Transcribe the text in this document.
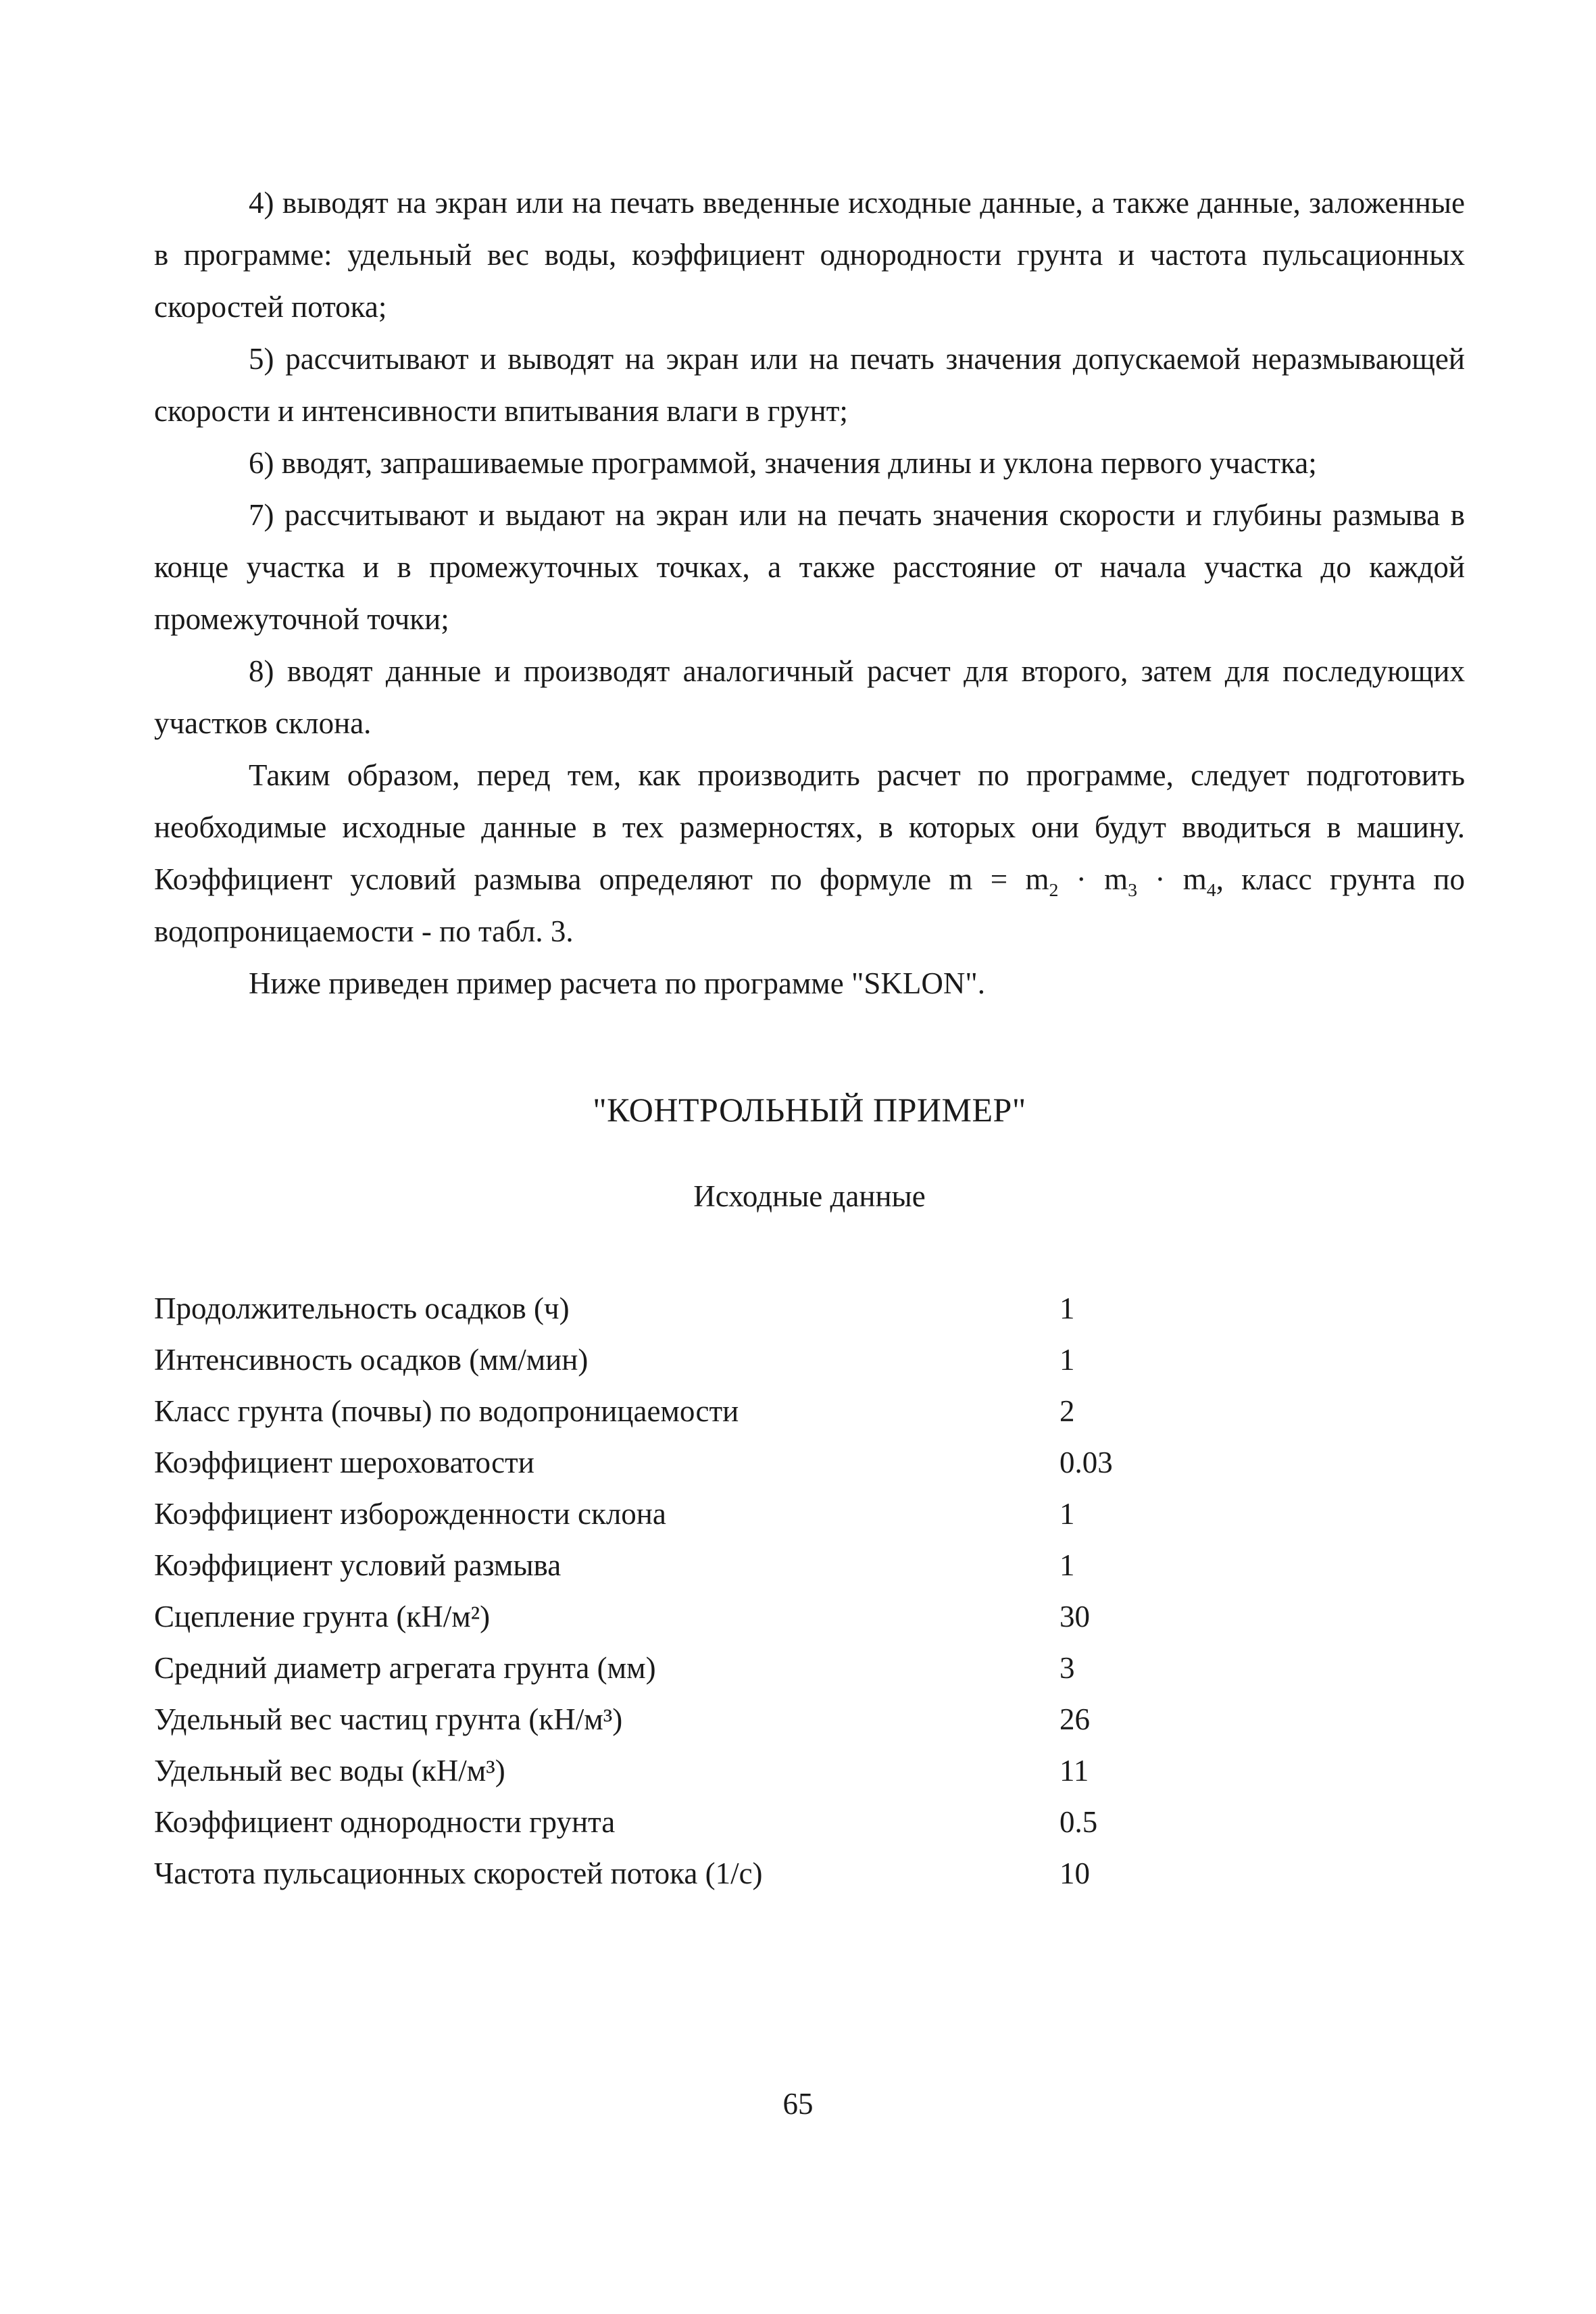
4) выводят на экран или на печать введенные исходные данные, а также данные, заложенные в программе: удельный вес воды, коэффициент однородности грунта и частота пульсационных скоростей потока;

5) рассчитывают и выводят на экран или на печать значения допускаемой неразмывающей скорости и интенсивности впитывания влаги в грунт;

6) вводят, запрашиваемые программой, значения длины и уклона первого участка;

7) рассчитывают и выдают на экран или на печать значения скорости и глубины размыва в конце участка и в промежуточных точках, а также расстояние от начала участка до каждой промежуточной точки;

8) вводят данные и производят аналогичный расчет для второго, затем для последующих участков склона.

Таким образом, перед тем, как производить расчет по программе, следует подготовить необходимые исходные данные в тех размерностях, в которых они будут вводиться в машину. Коэффициент условий размыва определяют по формуле $m = m_2 \cdot m_3 \cdot m_4$, класс грунта по водопроницаемости - по табл. 3.

Ниже приведен пример расчета по программе "SKLON".

"КОНТРОЛЬНЫЙ ПРИМЕР"
Исходные данные
Продолжительность осадков (ч)	1
Интенсивность осадков (мм/мин)	1
Класс грунта (почвы) по водопроницаемости	2
Коэффициент шероховатости	0.03
Коэффициент изборожденности склона	1
Коэффициент условий размыва	1
Сцепление грунта (кН/м²)	30
Средний диаметр агрегата грунта (мм)	3
Удельный вес частиц грунта (кН/м³)	26
Удельный вес воды (кН/м³)	11
Коэффициент однородности грунта	0.5
Частота пульсационных скоростей потока (1/с)	10
65
